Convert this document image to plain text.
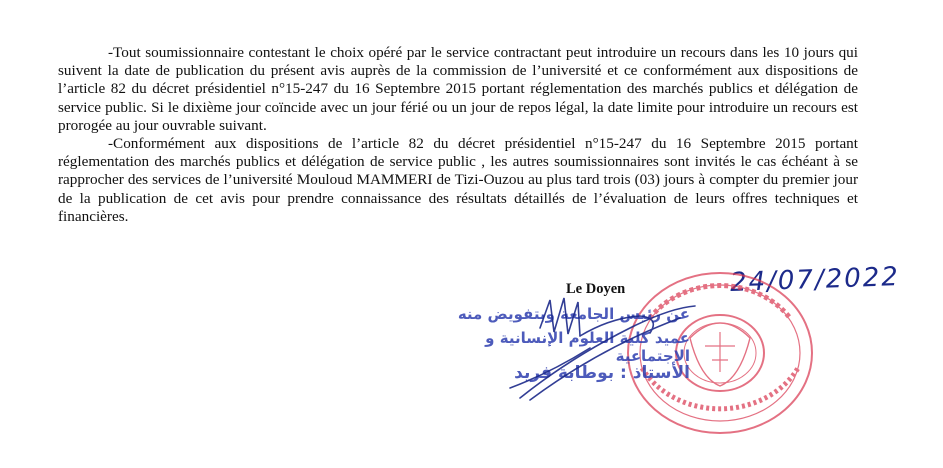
-Tout soumissionnaire contestant le choix opéré par le service contractant peut introduire un recours dans les 10 jours qui suivent la date de publication du présent avis auprès de la commission de l’université et ce conformément aux dispositions de l’article 82 du décret présidentiel n°15-247 du 16 Septembre 2015 portant réglementation des marchés publics et délégation de service public. Si le dixième jour coïncide avec un jour férié ou un jour de repos légal, la date limite pour introduire un recours est prorogée au jour ouvrable suivant.

-Conformément aux dispositions de l’article 82 du décret présidentiel n°15-247 du 16 Septembre 2015 portant réglementation des marchés publics et délégation de service public , les autres soumissionnaires sont invités le cas échéant à se rapprocher des services de l’université Mouloud MAMMERI de Tizi-Ouzou au plus tard trois (03) jours à compter du premier jour de la publication de cet avis pour prendre connaissance des résultats détaillés de l’évaluation de leurs offres techniques et financières.

Le Doyen	24/07/2022
عن رئيس الجامعة وبتفويض منه
عميد كلية العلوم الإنسانية و الاجتماعية
الأستاذ : بوطابة فريد
